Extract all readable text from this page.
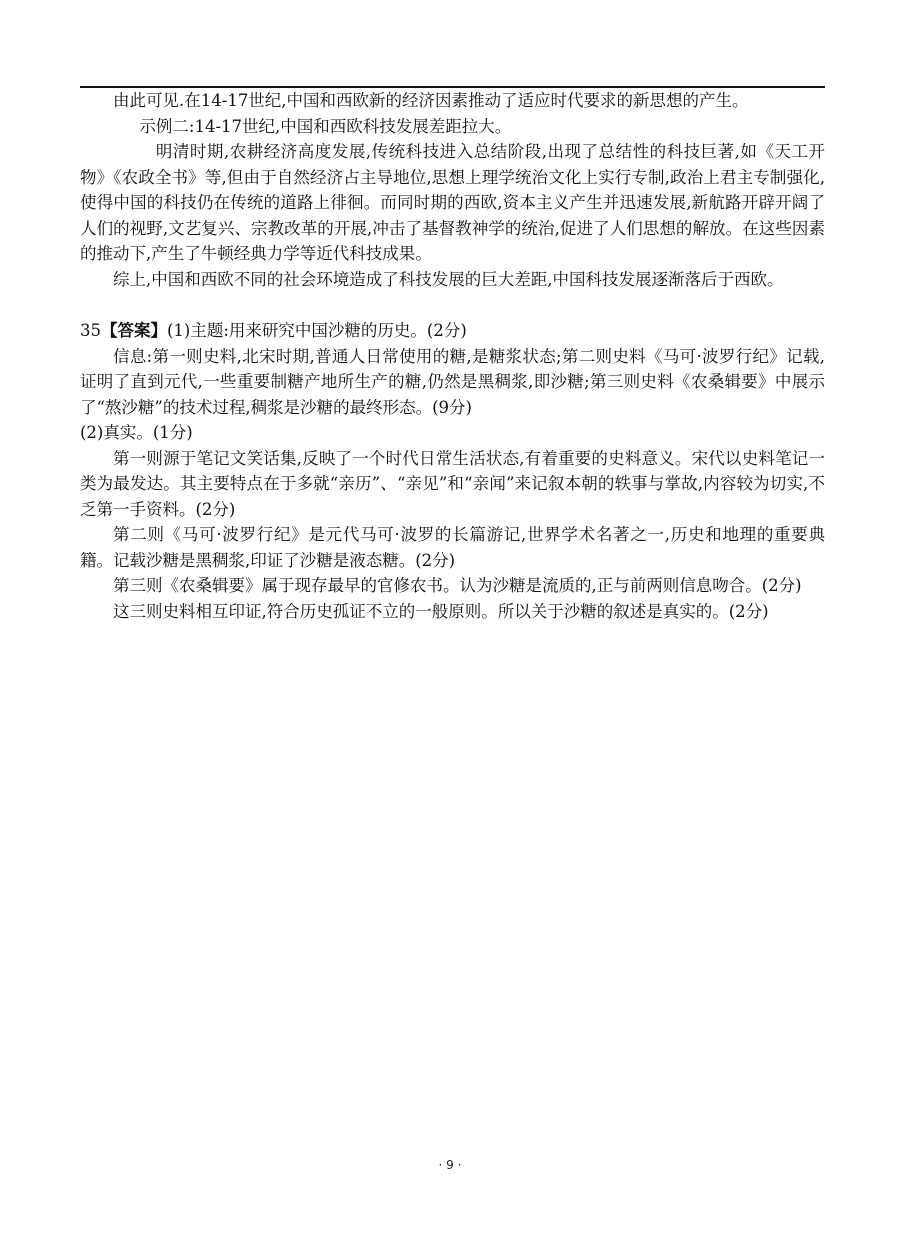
由此可见.在14-17世纪,中国和西欧新的经济因素推动了适应时代要求的新思想的产生。

示例二:14-17世纪,中国和西欧科技发展差距拉大。

明清时期,农耕经济高度发展,传统科技进入总结阶段,出现了总结性的科技巨著,如《天工开物》《农政全书》等,但由于自然经济占主导地位,思想上理学统治文化上实行专制,政治上君主专制强化,使得中国的科技仍在传统的道路上徘徊。而同时期的西欧,资本主义产生并迅速发展,新航路开辟开阔了人们的视野,文艺复兴、宗教改革的开展,冲击了基督教神学的统治,促进了人们思想的解放。在这些因素的推动下,产生了牛顿经典力学等近代科技成果。

综上,中国和西欧不同的社会环境造成了科技发展的巨大差距,中国科技发展逐渐落后于西欧。

35【答案】(1)主题:用来研究中国沙糖的历史。(2分)

信息:第一则史料,北宋时期,普通人日常使用的糖,是糖浆状态;第二则史料《马可·波罗行纪》记载,证明了直到元代,一些重要制糖产地所生产的糖,仍然是黑稠浆,即沙糖;第三则史料《农桑辑要》中展示了“熬沙糖”的技术过程,稠浆是沙糖的最终形态。(9分)

(2)真实。(1分)

第一则源于笔记文笑话集,反映了一个时代日常生活状态,有着重要的史料意义。宋代以史料笔记一类为最发达。其主要特点在于多就“亲历”、“亲见”和“亲闻”来记叙本朝的轶事与掌故,内容较为切实,不乏第一手资料。(2分)

第二则《马可·波罗行纪》是元代马可·波罗的长篇游记,世界学术名著之一,历史和地理的重要典籍。记载沙糖是黑稠浆,印证了沙糖是液态糖。(2分)

第三则《农桑辑要》属于现存最早的官修农书。认为沙糖是流质的,正与前两则信息吻合。(2分)

这三则史料相互印证,符合历史孤证不立的一般原则。所以关于沙糖的叙述是真实的。(2分)

· 9 ·
